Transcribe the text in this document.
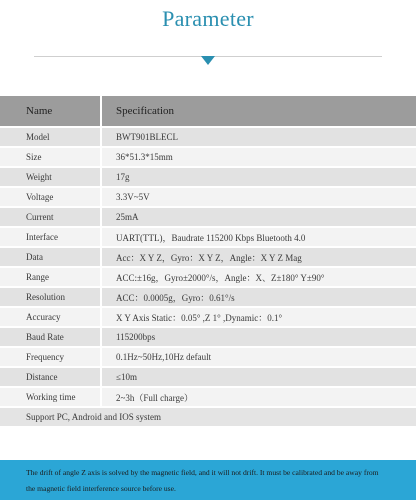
Parameter
Name	Specification
Model	BWT901BLECL
Size	36*51.3*15mm
Weight	17g
Voltage	3.3V~5V
Current	25mA
Interface	UART(TTL)，Baudrate 115200 Kbps Bluetooth 4.0
Data	Acc：X Y Z，Gyro：X Y Z，Angle：X Y Z Mag
Range	ACC:±16g，Gyro±2000°/s，Angle：X、Z±180° Y±90°
Resolution	ACC：0.0005g，Gyro：0.61°/s
Accuracy	X Y Axis Static：0.05° ,Z 1° ,Dynamic：0.1°
Baud Rate	115200bps
Frequency	0.1Hz~50Hz,10Hz default
Distance	≤10m
Working time	2~3h（Full charge）
Support PC, Android and IOS system	
The drift of angle Z axis is solved by the magnetic field, and it will not drift. It must be calibrated and be away from
the magnetic field interference source before use.
